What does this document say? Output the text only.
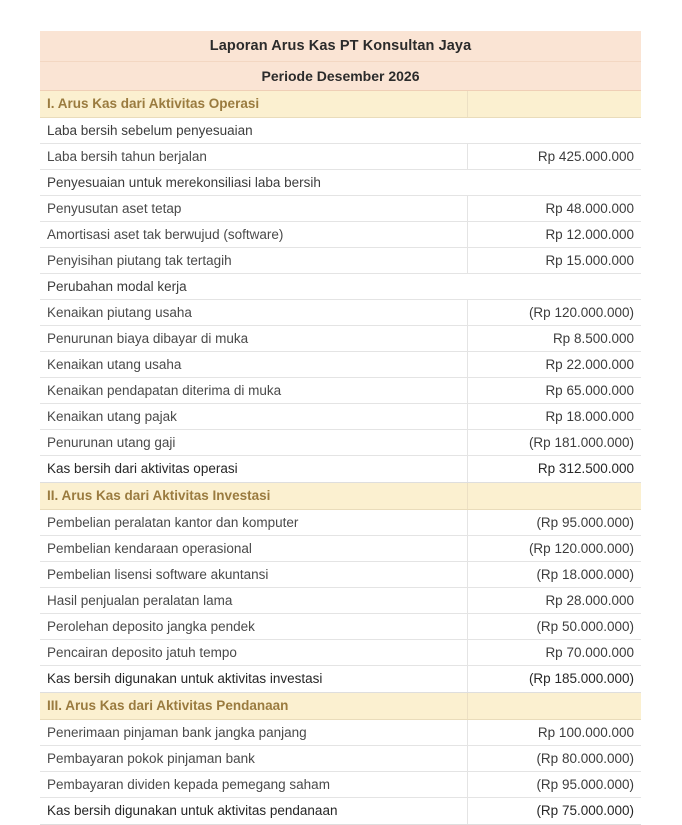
Laporan Arus Kas PT Konsultan Jaya	
Periode Desember 2026	
I. Arus Kas dari Aktivitas Operasi	
Laba bersih sebelum penyesuaian	
Laba bersih tahun berjalan	Rp 425.000.000
Penyesuaian untuk merekonsiliasi laba bersih	
Penyusutan aset tetap	Rp 48.000.000
Amortisasi aset tak berwujud (software)	Rp 12.000.000
Penyisihan piutang tak tertagih	Rp 15.000.000
Perubahan modal kerja	
Kenaikan piutang usaha	(Rp 120.000.000)
Penurunan biaya dibayar di muka	Rp 8.500.000
Kenaikan utang usaha	Rp 22.000.000
Kenaikan pendapatan diterima di muka	Rp 65.000.000
Kenaikan utang pajak	Rp 18.000.000
Penurunan utang gaji	(Rp 181.000.000)
Kas bersih dari aktivitas operasi	Rp 312.500.000
II. Arus Kas dari Aktivitas Investasi	
Pembelian peralatan kantor dan komputer	(Rp 95.000.000)
Pembelian kendaraan operasional	(Rp 120.000.000)
Pembelian lisensi software akuntansi	(Rp 18.000.000)
Hasil penjualan peralatan lama	Rp 28.000.000
Perolehan deposito jangka pendek	(Rp 50.000.000)
Pencairan deposito jatuh tempo	Rp 70.000.000
Kas bersih digunakan untuk aktivitas investasi	(Rp 185.000.000)
III. Arus Kas dari Aktivitas Pendanaan	
Penerimaan pinjaman bank jangka panjang	Rp 100.000.000
Pembayaran pokok pinjaman bank	(Rp 80.000.000)
Pembayaran dividen kepada pemegang saham	(Rp 95.000.000)
Kas bersih digunakan untuk aktivitas pendanaan	(Rp 75.000.000)
